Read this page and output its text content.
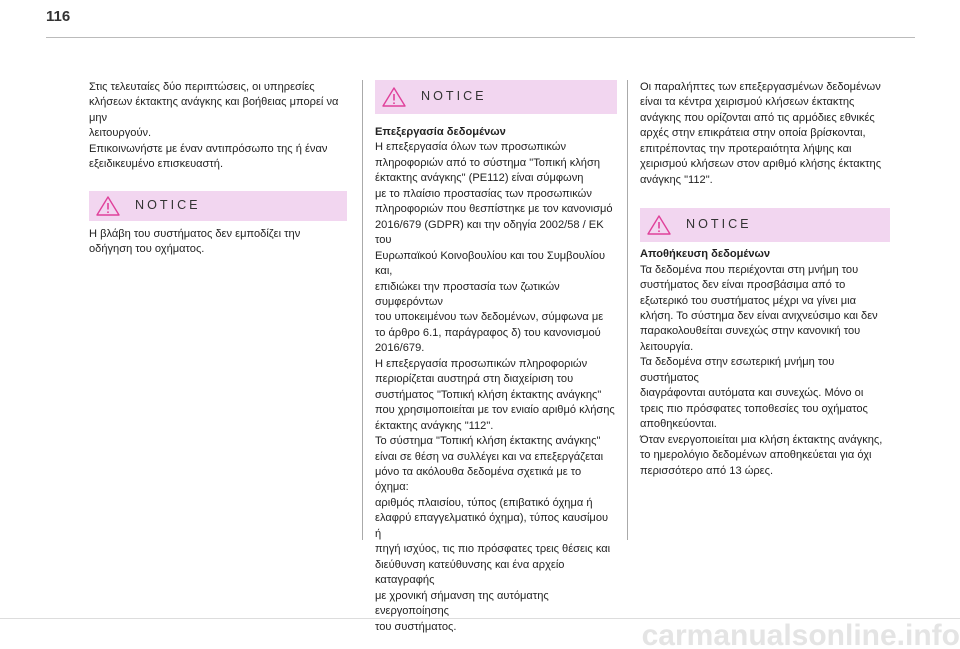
116

Στις τελευταίες δύο περιπτώσεις, οι υπηρεσίες
κλήσεων έκτακτης ανάγκης και βοήθειας μπορεί να μην
λειτουργούν.
Επικοινωνήστε με έναν αντιπρόσωπο της ή έναν
εξειδικευμένο επισκευαστή.

NOTICE
Η βλάβη του συστήματος δεν εμποδίζει την
οδήγηση του οχήματος.
NOTICE
Επεξεργασία δεδομένων
Η επεξεργασία όλων των προσωπικών
πληροφοριών από το σύστημα "Τοπική κλήση
έκτακτης ανάγκης" (PE112) είναι σύμφωνη
με το πλαίσιο προστασίας των προσωπικών
πληροφοριών που θεσπίστηκε με τον κανονισμό
2016/679 (GDPR) και την οδηγία 2002/58 / ΕΚ του
Ευρωπαϊκού Κοινοβουλίου και του Συμβουλίου και,
επιδιώκει την προστασία των ζωτικών συμφερόντων
του υποκειμένου των δεδομένων, σύμφωνα με
το άρθρο 6.1, παράγραφος δ) του κανονισμού
2016/679.
Η επεξεργασία προσωπικών πληροφοριών
περιορίζεται αυστηρά στη διαχείριση του
συστήματος "Τοπική κλήση έκτακτης ανάγκης"
που χρησιμοποιείται με τον ενιαίο αριθμό κλήσης
έκτακτης ανάγκης "112".
Το σύστημα "Τοπική κλήση έκτακτης ανάγκης"
είναι σε θέση να συλλέγει και να επεξεργάζεται
μόνο τα ακόλουθα δεδομένα σχετικά με το όχημα:
αριθμός πλαισίου, τύπος (επιβατικό όχημα ή
ελαφρύ επαγγελματικό όχημα), τύπος καυσίμου ή
πηγή ισχύος, τις πιο πρόσφατες τρεις θέσεις και
διεύθυνση κατεύθυνσης και ένα αρχείο καταγραφής
με χρονική σήμανση της αυτόματης ενεργοποίησης
του συστήματος.

Οι παραλήπτες των επεξεργασμένων δεδομένων
είναι τα κέντρα χειρισμού κλήσεων έκτακτης
ανάγκης που ορίζονται από τις αρμόδιες εθνικές
αρχές στην επικράτεια στην οποία βρίσκονται,
επιτρέποντας την προτεραιότητα λήψης και
χειρισμού κλήσεων στον αριθμό κλήσης έκτακτης
ανάγκης "112".

NOTICE
Αποθήκευση δεδομένων
Τα δεδομένα που περιέχονται στη μνήμη του
συστήματος δεν είναι προσβάσιμα από το
εξωτερικό του συστήματος μέχρι να γίνει μια
κλήση. Το σύστημα δεν είναι ανιχνεύσιμο και δεν
παρακολουθείται συνεχώς στην κανονική του
λειτουργία.
Τα δεδομένα στην εσωτερική μνήμη του συστήματος
διαγράφονται αυτόματα και συνεχώς. Μόνο οι
τρεις πιο πρόσφατες τοποθεσίες του οχήματος
αποθηκεύονται.
Όταν ενεργοποιείται μια κλήση έκτακτης ανάγκης,
το ημερολόγιο δεδομένων αποθηκεύεται για όχι
περισσότερο από 13 ώρες.
carmanualsonline.info
